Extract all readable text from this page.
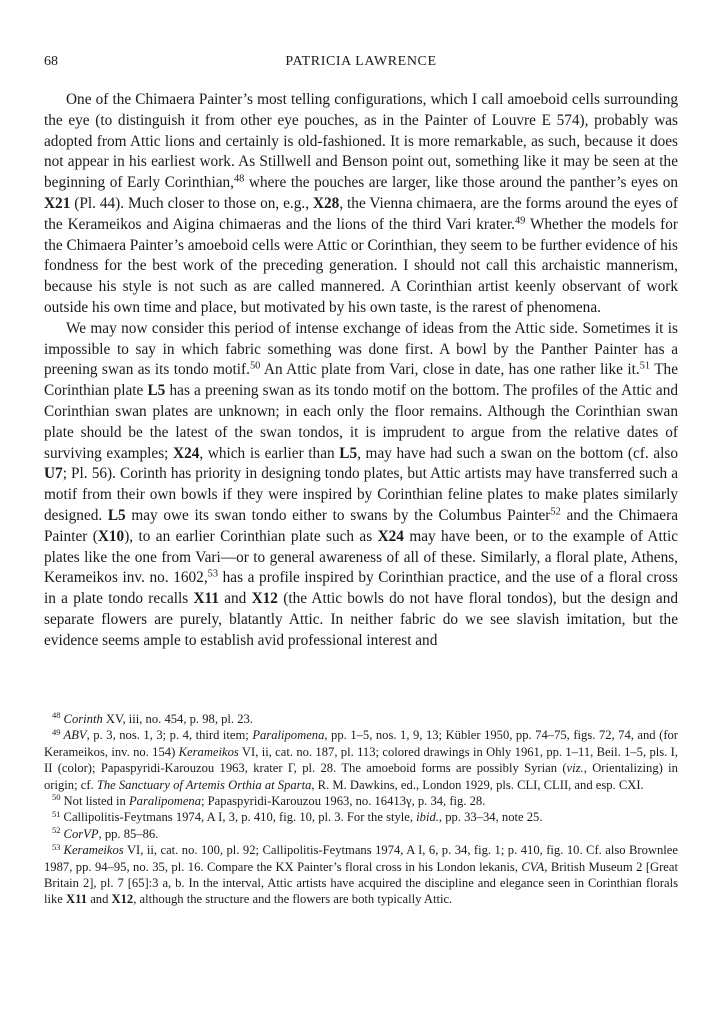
68	PATRICIA LAWRENCE

One of the Chimaera Painter’s most telling configurations, which I call amoeboid cells surrounding the eye (to distinguish it from other eye pouches, as in the Painter of Louvre E 574), probably was adopted from Attic lions and certainly is old-fashioned. It is more remarkable, as such, because it does not appear in his earliest work. As Stillwell and Benson point out, something like it may be seen at the beginning of Early Corinthian,$^{48}$ where the pouches are larger, like those around the panther’s eyes on X21 (Pl. 44). Much closer to those on, e.g., X28, the Vienna chimaera, are the forms around the eyes of the Kerameikos and Aigina chimaeras and the lions of the third Vari krater.$^{49}$ Whether the models for the Chimaera Painter’s amoeboid cells were Attic or Corinthian, they seem to be further evidence of his fondness for the best work of the preceding generation. I should not call this archaistic mannerism, because his style is not such as are called mannered. A Corinthian artist keenly observant of work outside his own time and place, but motivated by his own taste, is the rarest of phenomena.

We may now consider this period of intense exchange of ideas from the Attic side. Sometimes it is impossible to say in which fabric something was done first. A bowl by the Panther Painter has a preening swan as its tondo motif.$^{50}$ An Attic plate from Vari, close in date, has one rather like it.$^{51}$ The Corinthian plate L5 has a preening swan as its tondo motif on the bottom. The profiles of the Attic and Corinthian swan plates are unknown; in each only the floor remains. Although the Corinthian swan plate should be the latest of the swan tondos, it is imprudent to argue from the relative dates of surviving examples; X24, which is earlier than L5, may have had such a swan on the bottom (cf. also U7; Pl. 56). Corinth has priority in designing tondo plates, but Attic artists may have transferred such a motif from their own bowls if they were inspired by Corinthian feline plates to make plates similarly designed. L5 may owe its swan tondo either to swans by the Columbus Painter$^{52}$ and the Chimaera Painter (X10), to an earlier Corinthian plate such as X24 may have been, or to the example of Attic plates like the one from Vari—or to general awareness of all of these. Similarly, a floral plate, Athens, Kerameikos inv. no. 1602,53 has a profile inspired by Corinthian practice, and the use of a floral cross in a plate tondo recalls X11 and X12 (the Attic bowls do not have floral tondos), but the design and separate flowers are purely, blatantly Attic. In neither fabric do we see slavish imitation, but the evidence seems ample to establish avid professional interest and

$^{48}$ Corinth XV, iii, no. 454, p. 98, pl. 23.

$^{49}$ ABV, p. 3, nos. 1, 3; p. 4, third item; Paralipomena, pp. 1–5, nos. 1, 9, 13; Kübler 1950, pp. 74–75, figs. 72, 74, and (for Kerameikos, inv. no. 154) Kerameikos VI, ii, cat. no. 187, pl. 113; colored drawings in Ohly 1961, pp. 1–11, Beil. 1–5, pls. I, II (color); Papaspyridi-Karouzou 1963, krater Γ, pl. 28. The amoeboid forms are possibly Syrian (viz., Orientalizing) in origin; cf. The Sanctuary of Artemis Orthia at Sparta, R. M. Dawkins, ed., London 1929, pls. CLI, CLII, and esp. CXI.

$^{50}$ Not listed in Paralipomena; Papaspyridi-Karouzou 1963, no. 16413γ, p. 34, fig. 28.

$^{51}$ Callipolitis-Feytmans 1974, A I, 3, p. 410, fig. 10, pl. 3. For the style, ibid., pp. 33–34, note 25.

$^{52}$ CorVP, pp. 85–86.

$^{53}$ Kerameikos VI, ii, cat. no. 100, pl. 92; Callipolitis-Feytmans 1974, A I, 6, p. 34, fig. 1; p. 410, fig. 10. Cf. also Brownlee 1987, pp. 94–95, no. 35, pl. 16. Compare the KX Painter’s floral cross in his London lekanis, CVA, British Museum 2 [Great Britain 2], pl. 7 [65]:3 a, b. In the interval, Attic artists have acquired the discipline and elegance seen in Corinthian florals like X11 and X12, although the structure and the flowers are both typically Attic.
